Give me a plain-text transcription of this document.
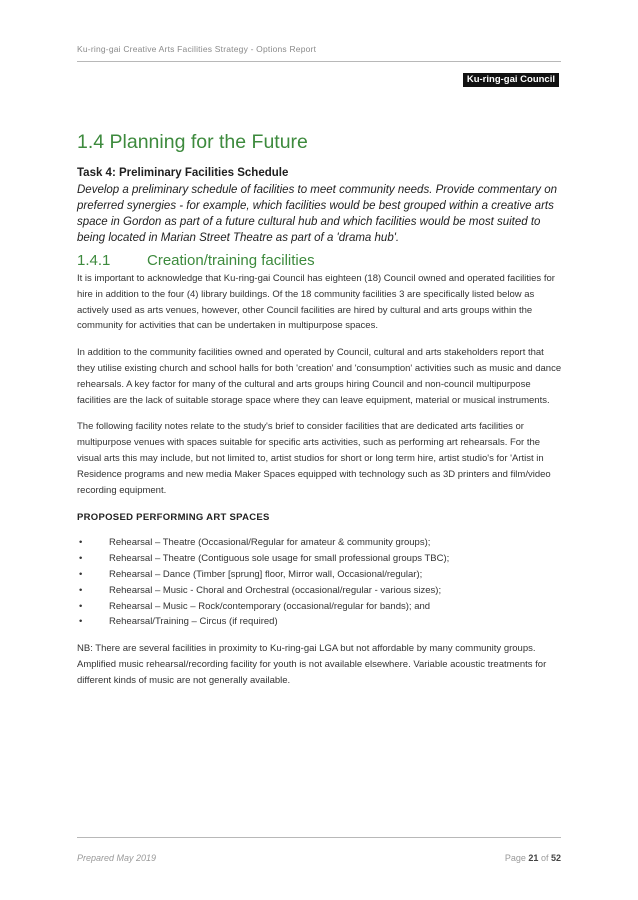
Ku-ring-gai Creative Arts Facilities Strategy - Options Report
Ku-ring-gai Council
1.4 Planning for the Future
Task 4: Preliminary Facilities Schedule
Develop a preliminary schedule of facilities to meet community needs. Provide commentary on preferred synergies - for example, which facilities would be best grouped within a creative arts space in Gordon as part of a future cultural hub and which facilities would be most suited to being located in Marian Street Theatre as part of a 'drama hub'.
1.4.1	Creation/training facilities

It is important to acknowledge that Ku-ring-gai Council has eighteen (18) Council owned and operated facilities for hire in addition to the four (4) library buildings. Of the 18 community facilities 3 are specifically listed below as actively used as arts venues, however, other Council facilities are hired by cultural and arts groups within the community for activities that can be undertaken in multipurpose spaces.

In addition to the community facilities owned and operated by Council, cultural and arts stakeholders report that they utilise existing church and school halls for both 'creation' and 'consumption' activities such as music and dance rehearsals. A key factor for many of the cultural and arts groups hiring Council and non-council multipurpose facilities are the lack of suitable storage space where they can leave equipment, material or musical instruments.

The following facility notes relate to the study's brief to consider facilities that are dedicated arts facilities or multipurpose venues with spaces suitable for specific arts activities, such as performing art rehearsals. For the visual arts this may include, but not limited to, artist studios for short or long term hire, artist studio's for 'Artist in Residence programs and new media Maker Spaces equipped with technology such as 3D printers and film/video recording equipment.

PROPOSED PERFORMING ART SPACES
•	Rehearsal – Theatre (Occasional/Regular for amateur & community groups);
•	Rehearsal – Theatre (Contiguous sole usage for small professional groups TBC);
•	Rehearsal – Dance (Timber [sprung] floor, Mirror wall, Occasional/regular);
•	Rehearsal – Music - Choral and Orchestral (occasional/regular - various sizes);
•	Rehearsal – Music – Rock/contemporary (occasional/regular for bands); and
•	Rehearsal/Training – Circus (if required)

NB: There are several facilities in proximity to Ku-ring-gai LGA but not affordable by many community groups. Amplified music rehearsal/recording facility for youth is not available elsewhere. Variable acoustic treatments for different kinds of music are not generally available.

Prepared May 2019	Page 21 of 52
